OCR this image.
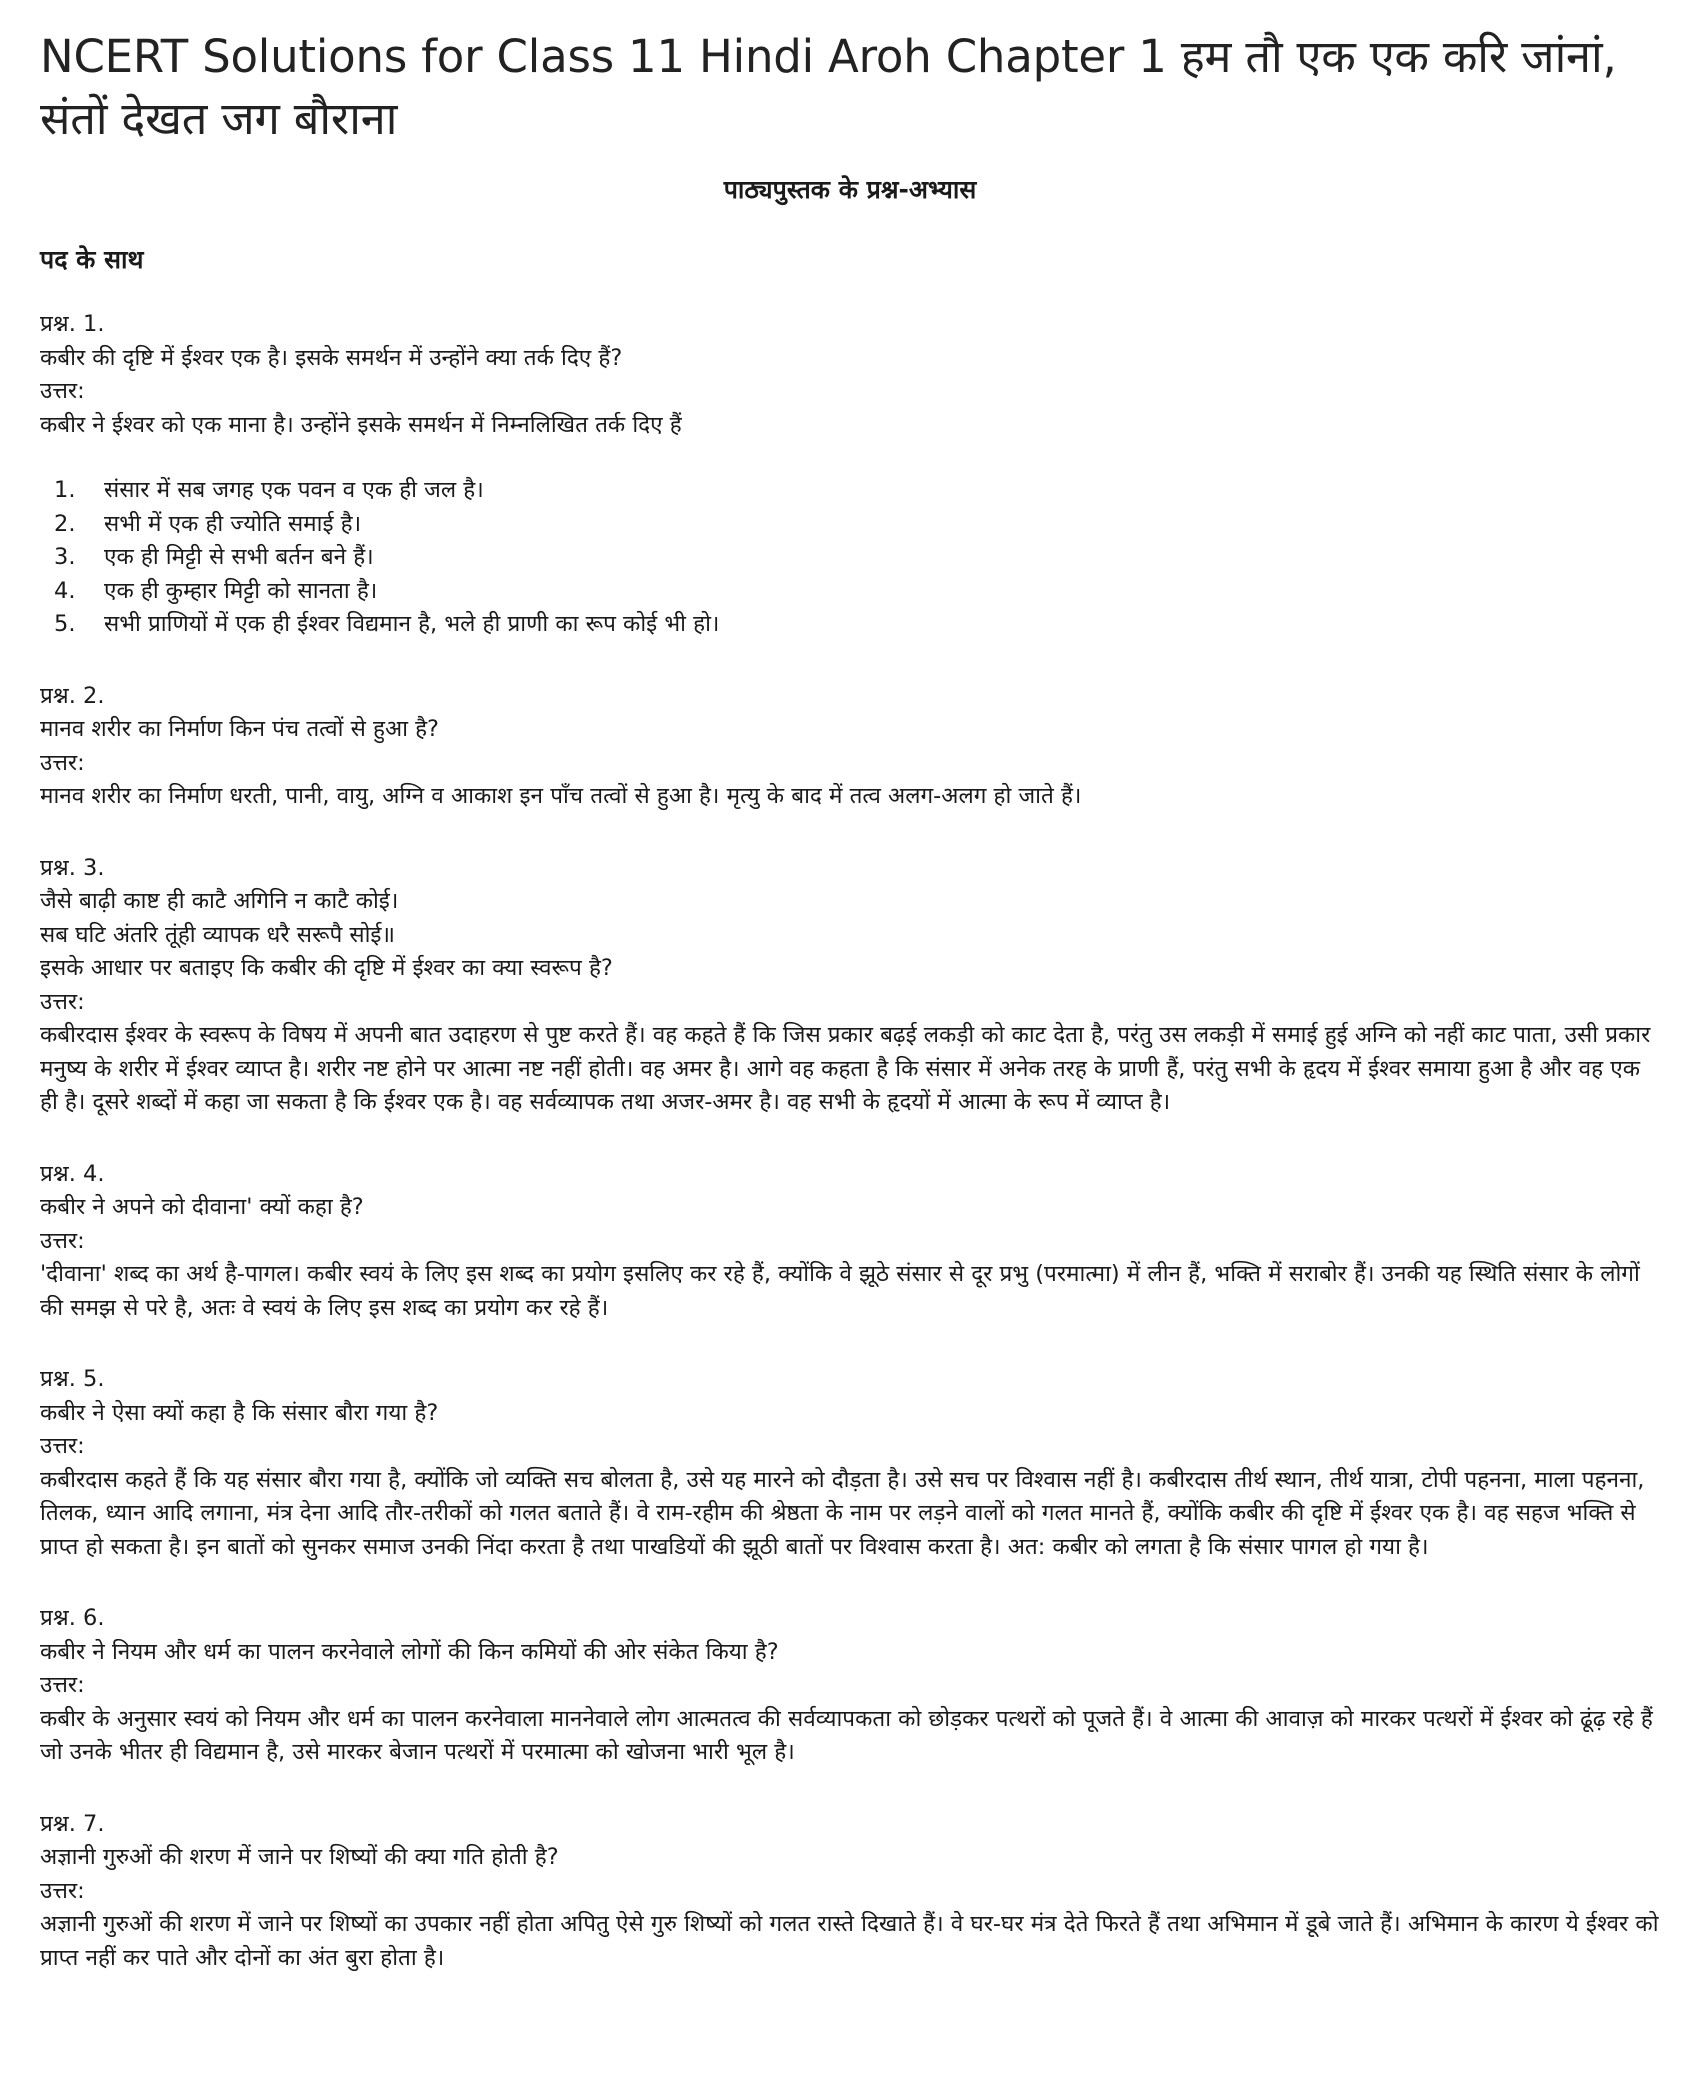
NCERT Solutions for Class 11 Hindi Aroh Chapter 1 हम तौ एक एक करि जांनां, संतों देखत जग बौराना
पाठ्यपुस्तक के प्रश्न-अभ्यास
पद के साथ

प्रश्न. 1.

कबीर की दृष्टि में ईश्वर एक है। इसके समर्थन में उन्होंने क्या तर्क दिए हैं?

उत्तर:

कबीर ने ईश्वर को एक माना है। उन्होंने इसके समर्थन में निम्नलिखित तर्क दिए हैं

1.	संसार में सब जगह एक पवन व एक ही जल है।
2.	सभी में एक ही ज्योति समाई है।
3.	एक ही मिट्टी से सभी बर्तन बने हैं।
4.	एक ही कुम्हार मिट्टी को सानता है।
5.	सभी प्राणियों में एक ही ईश्वर विद्यमान है, भले ही प्राणी का रूप कोई भी हो।

प्रश्न. 2.

मानव शरीर का निर्माण किन पंच तत्वों से हुआ है?

उत्तर:

मानव शरीर का निर्माण धरती, पानी, वायु, अग्नि व आकाश इन पाँच तत्वों से हुआ है। मृत्यु के बाद में तत्व अलग-अलग हो जाते हैं।

प्रश्न. 3.

जैसे बाढ़ी काष्ट ही काटै अगिनि न काटै कोई।

सब घटि अंतरि तूंही व्यापक धरै सरूपै सोई॥

इसके आधार पर बताइए कि कबीर की दृष्टि में ईश्वर का क्या स्वरूप है?

उत्तर:

कबीरदास ईश्वर के स्वरूप के विषय में अपनी बात उदाहरण से पुष्ट करते हैं। वह कहते हैं कि जिस प्रकार बढ़ई लकड़ी को काट देता है, परंतु उस लकड़ी में समाई हुई अग्नि को नहीं काट पाता, उसी प्रकार मनुष्य के शरीर में ईश्वर व्याप्त है। शरीर नष्ट होने पर आत्मा नष्ट नहीं होती। वह अमर है। आगे वह कहता है कि संसार में अनेक तरह के प्राणी हैं, परंतु सभी के हृदय में ईश्वर समाया हुआ है और वह एक ही है। दूसरे शब्दों में कहा जा सकता है कि ईश्वर एक है। वह सर्वव्यापक तथा अजर-अमर है। वह सभी के हृदयों में आत्मा के रूप में व्याप्त है।

प्रश्न. 4.

कबीर ने अपने को दीवाना' क्यों कहा है?

उत्तर:

'दीवाना' शब्द का अर्थ है-पागल। कबीर स्वयं के लिए इस शब्द का प्रयोग इसलिए कर रहे हैं, क्योंकि वे झूठे संसार से दूर प्रभु (परमात्मा) में लीन हैं, भक्ति में सराबोर हैं। उनकी यह स्थिति संसार के लोगों की समझ से परे है, अतः वे स्वयं के लिए इस शब्द का प्रयोग कर रहे हैं।

प्रश्न. 5.

कबीर ने ऐसा क्यों कहा है कि संसार बौरा गया है?

उत्तर:

कबीरदास कहते हैं कि यह संसार बौरा गया है, क्योंकि जो व्यक्ति सच बोलता है, उसे यह मारने को दौड़ता है। उसे सच पर विश्वास नहीं है। कबीरदास तीर्थ स्थान, तीर्थ यात्रा, टोपी पहनना, माला पहनना, तिलक, ध्यान आदि लगाना, मंत्र देना आदि तौर-तरीकों को गलत बताते हैं। वे राम-रहीम की श्रेष्ठता के नाम पर लड़ने वालों को गलत मानते हैं, क्योंकि कबीर की दृष्टि में ईश्वर एक है। वह सहज भक्ति से प्राप्त हो सकता है। इन बातों को सुनकर समाज उनकी निंदा करता है तथा पाखडियों की झूठी बातों पर विश्वास करता है। अत: कबीर को लगता है कि संसार पागल हो गया है।

प्रश्न. 6.

कबीर ने नियम और धर्म का पालन करनेवाले लोगों की किन कमियों की ओर संकेत किया है?

उत्तर:

कबीर के अनुसार स्वयं को नियम और धर्म का पालन करनेवाला माननेवाले लोग आत्मतत्व की सर्वव्यापकता को छोड़कर पत्थरों को पूजते हैं। वे आत्मा की आवाज़ को मारकर पत्थरों में ईश्वर को ढूंढ़ रहे हैं जो उनके भीतर ही विद्यमान है, उसे मारकर बेजान पत्थरों में परमात्मा को खोजना भारी भूल है।

प्रश्न. 7.

अज्ञानी गुरुओं की शरण में जाने पर शिष्यों की क्या गति होती है?

उत्तर:

अज्ञानी गुरुओं की शरण में जाने पर शिष्यों का उपकार नहीं होता अपितु ऐसे गुरु शिष्यों को गलत रास्ते दिखाते हैं। वे घर-घर मंत्र देते फिरते हैं तथा अभिमान में डूबे जाते हैं। अभिमान के कारण ये ईश्वर को प्राप्त नहीं कर पाते और दोनों का अंत बुरा होता है।
